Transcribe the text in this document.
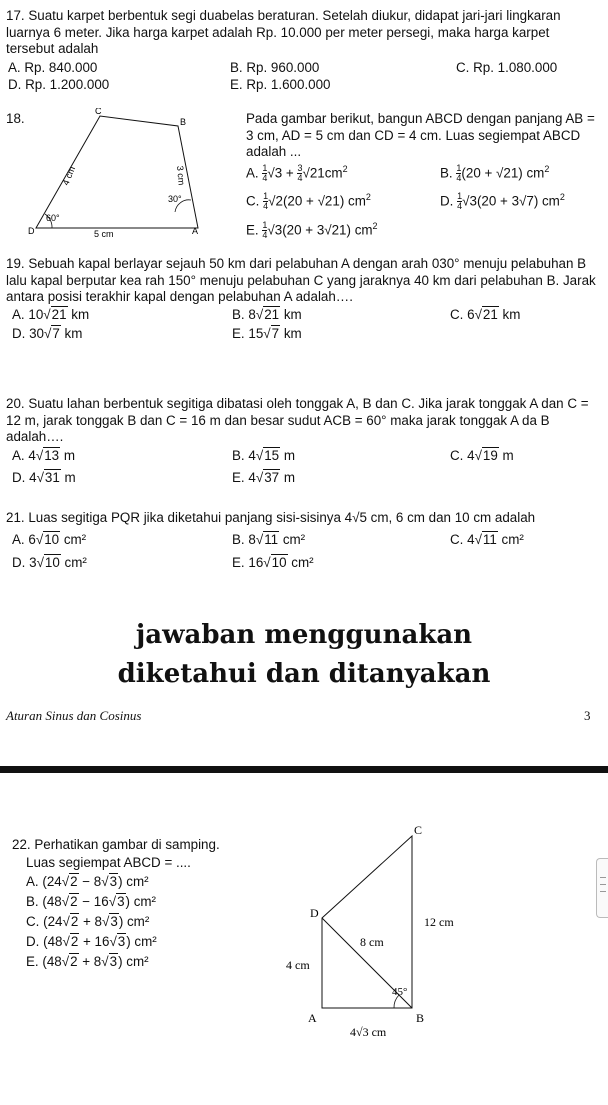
17. Suatu karpet berbentuk segi duabelas beraturan. Setelah diukur, didapat jari-jari lingkaran luarnya 6 meter. Jika harga karpet adalah Rp. 10.000 per meter persegi, maka harga karpet tersebut adalah

A. Rp. 840.000	B. Rp. 960.000	C. Rp. 1.080.000
D. Rp. 1.200.000	E. Rp. 1.600.000
18.	C
B
D	A
5 cm
4 cm	3 cm
30°
60°

Pada gambar berikut, bangun ABCD dengan panjang AB = 3 cm, AD = 5 cm dan CD = 4 cm. Luas segiempat ABCD adalah ...

A. $\frac{1}{4} √3 + \frac{3}{4} √21cm^2$	B. $\frac{1}{4} (20 + √21)$ $cm^2$
C. $\frac{1}{4} √2(20 + √21)$ $cm^2$	D. $\frac{1}{4} √3(20 + 3√7)$ $cm^2$
E. $\frac{1}{4} √3(20 + 3√21)$ $cm^2$

19. Sebuah kapal berlayar sejauh 50 km dari pelabuhan A dengan arah 030° menuju pelabuhan B lalu kapal berputar kea rah 150° menuju pelabuhan C yang jaraknya 40 km dari pelabuhan B. Jarak antara posisi terakhir kapal dengan pelabuhan A adalah….

A. 10√21 km	B. 8√21 km	C. 6√21 km
D. 30√7 km	E. 15√7 km

20. Suatu lahan berbentuk segitiga dibatasi oleh tonggak A, B dan C. Jika jarak tonggak A dan C = 12 m, jarak tonggak B dan C = 16 m dan besar sudut ACB = 60° maka jarak tonggak A da B adalah….

A. 4√13 m	B. 4√15 m	C. 4√19 m
D. 4√31 m	E. 4√37 m

21. Luas segitiga PQR jika diketahui panjang sisi-sisinya 4√5 cm, 6 cm dan 10 cm adalah

A. 6√10 cm²	B. 8√11 cm²	C. 4√11 cm²
D. 3√10 cm²	E. 16√10 cm²
jawaban menggunakan
diketahui dan ditanyakan
Aturan Sinus dan Cosinus	3
22. Perhatikan gambar di samping.
Luas segiempat ABCD = ....
A. (24√2 − 8√3) cm²
B. (48√2 − 16√3) cm²
C. (24√2 + 8√3) cm²
D. (48√2 + 16√3) cm²
E. (48√2 + 8√3) cm²
C
D
A	B
12 cm
8 cm
4 cm
45°
4√3 cm
